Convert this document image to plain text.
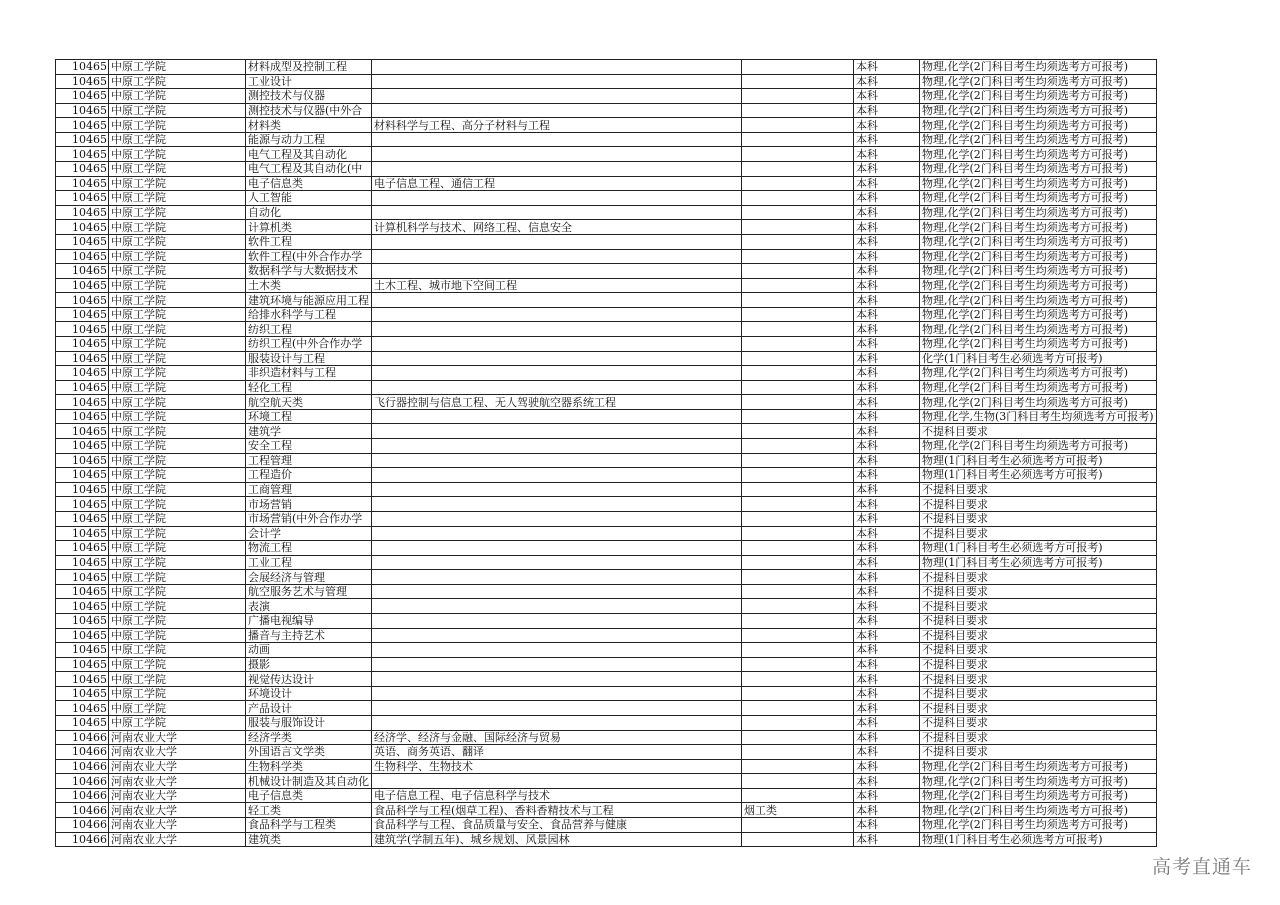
10465	中原工学院	材料成型及控制工程			本科	物理,化学(2门科目考生均须选考方可报考)
10465	中原工学院	工业设计			本科	物理,化学(2门科目考生均须选考方可报考)
10465	中原工学院	测控技术与仪器			本科	物理,化学(2门科目考生均须选考方可报考)
10465	中原工学院	测控技术与仪器(中外合			本科	物理,化学(2门科目考生均须选考方可报考)
10465	中原工学院	材料类	材料科学与工程、高分子材料与工程		本科	物理,化学(2门科目考生均须选考方可报考)
10465	中原工学院	能源与动力工程			本科	物理,化学(2门科目考生均须选考方可报考)
10465	中原工学院	电气工程及其自动化			本科	物理,化学(2门科目考生均须选考方可报考)
10465	中原工学院	电气工程及其自动化(中			本科	物理,化学(2门科目考生均须选考方可报考)
10465	中原工学院	电子信息类	电子信息工程、通信工程		本科	物理,化学(2门科目考生均须选考方可报考)
10465	中原工学院	人工智能			本科	物理,化学(2门科目考生均须选考方可报考)
10465	中原工学院	自动化			本科	物理,化学(2门科目考生均须选考方可报考)
10465	中原工学院	计算机类	计算机科学与技术、网络工程、信息安全		本科	物理,化学(2门科目考生均须选考方可报考)
10465	中原工学院	软件工程			本科	物理,化学(2门科目考生均须选考方可报考)
10465	中原工学院	软件工程(中外合作办学			本科	物理,化学(2门科目考生均须选考方可报考)
10465	中原工学院	数据科学与大数据技术			本科	物理,化学(2门科目考生均须选考方可报考)
10465	中原工学院	土木类	土木工程、城市地下空间工程		本科	物理,化学(2门科目考生均须选考方可报考)
10465	中原工学院	建筑环境与能源应用工程			本科	物理,化学(2门科目考生均须选考方可报考)
10465	中原工学院	给排水科学与工程			本科	物理,化学(2门科目考生均须选考方可报考)
10465	中原工学院	纺织工程			本科	物理,化学(2门科目考生均须选考方可报考)
10465	中原工学院	纺织工程(中外合作办学			本科	物理,化学(2门科目考生均须选考方可报考)
10465	中原工学院	服装设计与工程			本科	化学(1门科目考生必须选考方可报考)
10465	中原工学院	非织造材料与工程			本科	物理,化学(2门科目考生均须选考方可报考)
10465	中原工学院	轻化工程			本科	物理,化学(2门科目考生均须选考方可报考)
10465	中原工学院	航空航天类	飞行器控制与信息工程、无人驾驶航空器系统工程		本科	物理,化学(2门科目考生均须选考方可报考)
10465	中原工学院	环境工程			本科	物理,化学,生物(3门科目考生均须选考方可报考)
10465	中原工学院	建筑学			本科	不提科目要求
10465	中原工学院	安全工程			本科	物理,化学(2门科目考生均须选考方可报考)
10465	中原工学院	工程管理			本科	物理(1门科目考生必须选考方可报考)
10465	中原工学院	工程造价			本科	物理(1门科目考生必须选考方可报考)
10465	中原工学院	工商管理			本科	不提科目要求
10465	中原工学院	市场营销			本科	不提科目要求
10465	中原工学院	市场营销(中外合作办学			本科	不提科目要求
10465	中原工学院	会计学			本科	不提科目要求
10465	中原工学院	物流工程			本科	物理(1门科目考生必须选考方可报考)
10465	中原工学院	工业工程			本科	物理(1门科目考生必须选考方可报考)
10465	中原工学院	会展经济与管理			本科	不提科目要求
10465	中原工学院	航空服务艺术与管理			本科	不提科目要求
10465	中原工学院	表演			本科	不提科目要求
10465	中原工学院	广播电视编导			本科	不提科目要求
10465	中原工学院	播音与主持艺术			本科	不提科目要求
10465	中原工学院	动画			本科	不提科目要求
10465	中原工学院	摄影			本科	不提科目要求
10465	中原工学院	视觉传达设计			本科	不提科目要求
10465	中原工学院	环境设计			本科	不提科目要求
10465	中原工学院	产品设计			本科	不提科目要求
10465	中原工学院	服装与服饰设计			本科	不提科目要求
10466	河南农业大学	经济学类	经济学、经济与金融、国际经济与贸易		本科	不提科目要求
10466	河南农业大学	外国语言文学类	英语、商务英语、翻译		本科	不提科目要求
10466	河南农业大学	生物科学类	生物科学、生物技术		本科	物理,化学(2门科目考生均须选考方可报考)
10466	河南农业大学	机械设计制造及其自动化			本科	物理,化学(2门科目考生均须选考方可报考)
10466	河南农业大学	电子信息类	电子信息工程、电子信息科学与技术		本科	物理,化学(2门科目考生均须选考方可报考)
10466	河南农业大学	轻工类	食品科学与工程(烟草工程)、香料香精技术与工程	烟工类	本科	物理,化学(2门科目考生均须选考方可报考)
10466	河南农业大学	食品科学与工程类	食品科学与工程、食品质量与安全、食品营养与健康		本科	物理,化学(2门科目考生均须选考方可报考)
10466	河南农业大学	建筑类	建筑学(学制五年)、城乡规划、风景园林		本科	物理(1门科目考生必须选考方可报考)
高考直通车
